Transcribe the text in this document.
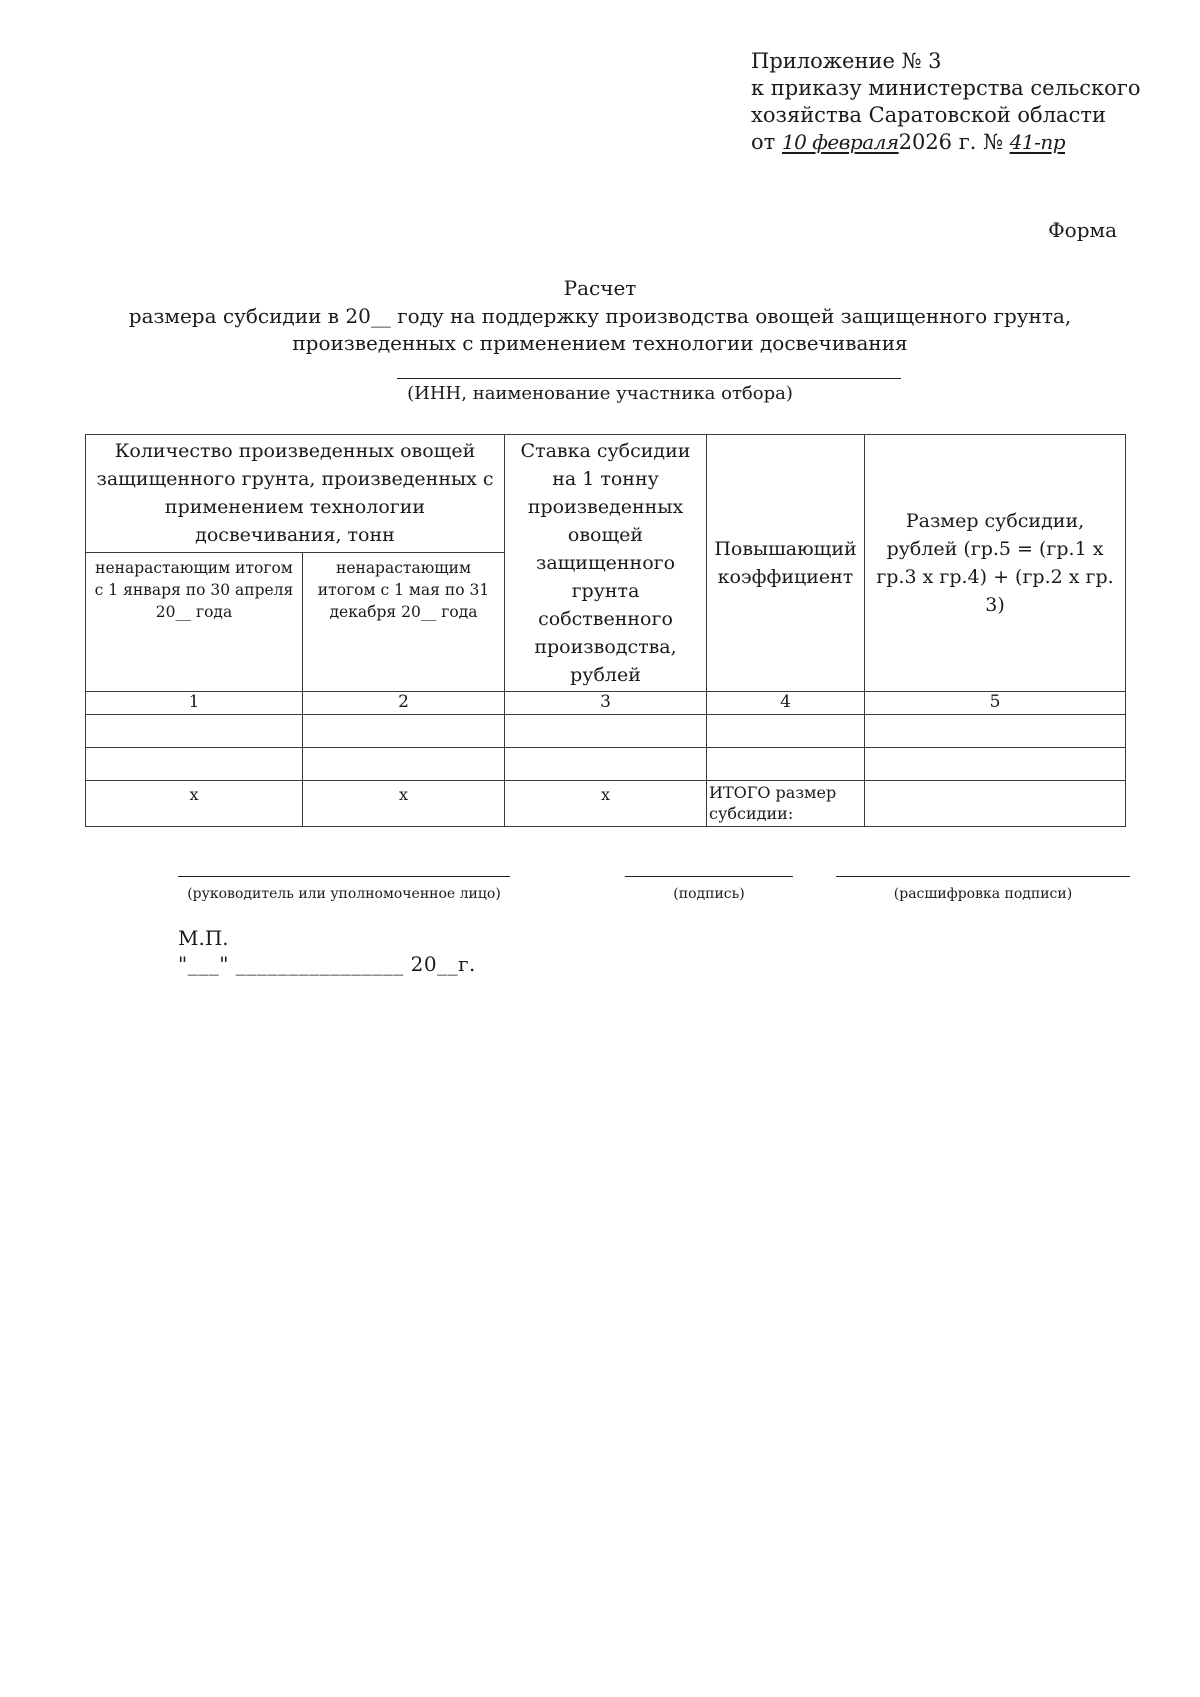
Приложение № 3
к приказу министерства сельского
хозяйства Саратовской области
от 10 февраля2026 г. № 41-пр
Форма
Расчет
размера субсидии в 20__ году на поддержку производства овощей защищенного грунта,
произведенных с применением технологии досвечивания
(ИНН, наименование участника отбора)
Количество произведенных овощей защищенного грунта, произведенных с применением технологии досвечивания, тонн		Ставка субсидии на 1 тонну произведенных овощей защищенного грунта собственного производства, рублей	Повышающий коэффициент	Размер субсидии, рублей (гр.5 = (гр.1 х гр.3 х гр.4) + (гр.2 х гр. 3)
ненарастающим итогом с 1 января по 30 апреля 20__ года	ненарастающим итогом с 1 мая по 31 декабря 20__ года			
1	2	3	4	5

x	x	x	ИТОГО размер субсидии:	
(руководитель или уполномоченное лицо)	(подпись)	(расшифровка подписи)
М.П.
"___" ________________ 20__г.
